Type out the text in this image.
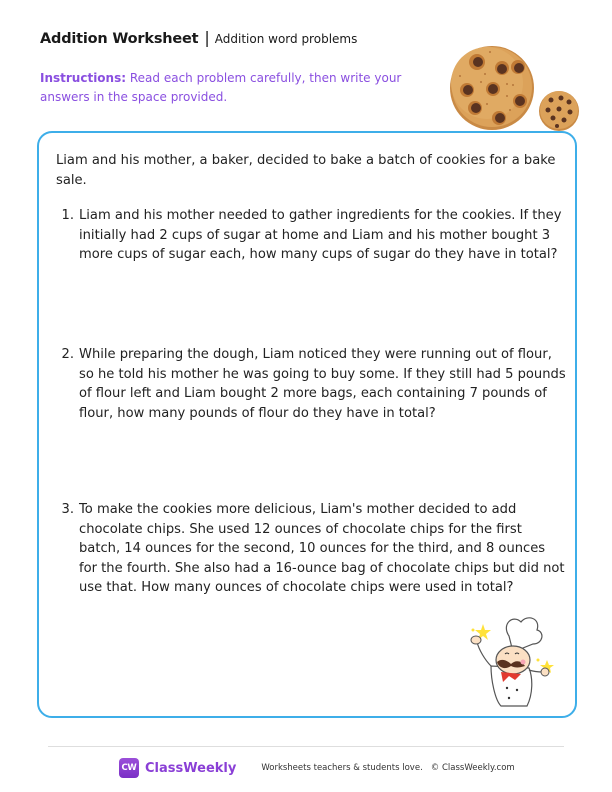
Addition Worksheet | Addition word problems
Instructions: Read each problem carefully, then write your answers in the space provided.

Liam and his mother, a baker, decided to bake a batch of cookies for a bake sale.

1. Liam and his mother needed to gather ingredients for the cookies. If they initially had 2 cups of sugar at home and Liam and his mother bought 3 more cups of sugar each, how many cups of sugar do they have in total?
2. While preparing the dough, Liam noticed they were running out of flour, so he told his mother he was going to buy some. If they still had 5 pounds of flour left and Liam bought 2 more bags, each containing 7 pounds of flour, how many pounds of flour do they have in total?
3. To make the cookies more delicious, Liam's mother decided to add chocolate chips. She used 12 ounces of chocolate chips for the first batch, 14 ounces for the second, 10 ounces for the third, and 8 ounces for the fourth. She also had a 16-ounce bag of chocolate chips but did not use that. How many ounces of chocolate chips were used in total?
CW ClassWeekly	Worksheets teachers & students love. © ClassWeekly.com
